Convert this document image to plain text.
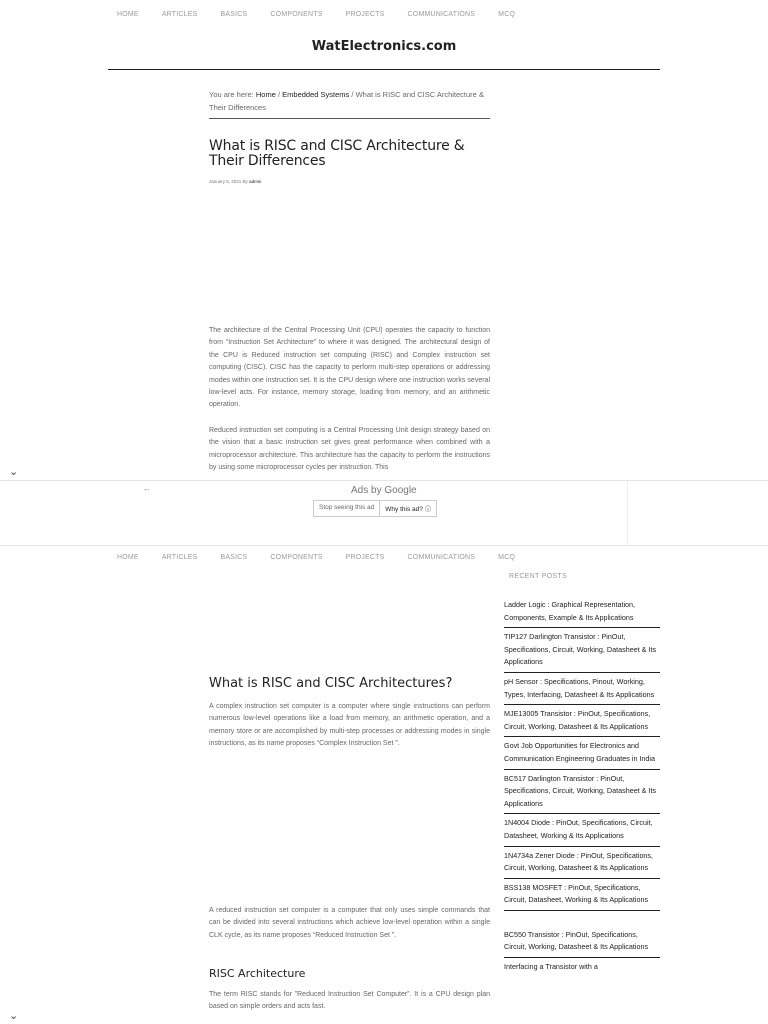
HOME	ARTICLES	BASICS	COMPONENTS	PROJECTS	COMMUNICATIONS	MCQ
WatElectronics.com
You are here: Home / Embedded Systems / What is RISC and CISC Architecture &
Their Differences
What is RISC and CISC Architecture &
Their Differences
January 5, 2021 By admin

The architecture of the Central Processing Unit (CPU) operates the capacity to function from “Instruction Set Architecture” to where it was designed. The architectural design of the CPU is Reduced instruction set computing (RISC) and Complex instruction set computing (CISC). CISC has the capacity to perform multi-step operations or addressing modes within one instruction set. It is the CPU design where one instruction works several low-level acts. For instance, memory storage, loading from memory, and an arithmetic operation.

Reduced instruction set computing is a Central Processing Unit design strategy based on the vision that a basic instruction set gives great performance when combined with a microprocessor architecture. This architecture has the capacity to perform the instructions by using some microprocessor cycles per instruction. This

⌄
←	Ads by Google
Stop seeing this ad	Why this ad? ⓘ
HOME	ARTICLES	BASICS	COMPONENTS	PROJECTS	COMMUNICATIONS	MCQ
What is RISC and CISC Architectures?

A complex instruction set computer is a computer where single instructions can perform numerous low-level operations like a load from memory, an arithmetic operation, and a memory store or are accomplished by multi-step processes or addressing modes in single instructions, as its name proposes “Complex Instruction Set ”.

A reduced instruction set computer is a computer that only uses simple commands that can be divided into several instructions which achieve low-level operation within a single CLK cycle, as its name proposes “Reduced Instruction Set ”.

RISC Architecture

The term RISC stands for ”Reduced Instruction Set Computer”. It is a CPU design plan based on simple orders and acts fast.

⌄
RECENT POSTS
Ladder Logic : Graphical Representation, Components, Example & Its Applications
TIP127 Darlington Transistor : PinOut, Specifications, Circuit, Working, Datasheet & Its Applications
pH Sensor : Specifications, Pinout, Working, Types, Interfacing, Datasheet & Its Applications
MJE13005 Transistor : PinOut, Specifications, Circuit, Working, Datasheet & Its Applications
Govt Job Opportunities for Electronics and Communication Engineering Graduates in India
BC517 Darlington Transistor : PinOut, Specifications, Circuit, Working, Datasheet & Its Applications
1N4004 Diode : PinOut, Specifications, Circuit, Datasheet, Working & Its Applications
1N4734a Zener Diode : PinOut, Specifications, Circuit, Working, Datasheet & Its Applications
BSS138 MOSFET : PinOut, Specifications, Circuit, Datasheet, Working & Its Applications
BC550 Transistor : PinOut, Specifications, Circuit, Working, Datasheet & Its Applications
Interfacing a Transistor with a
